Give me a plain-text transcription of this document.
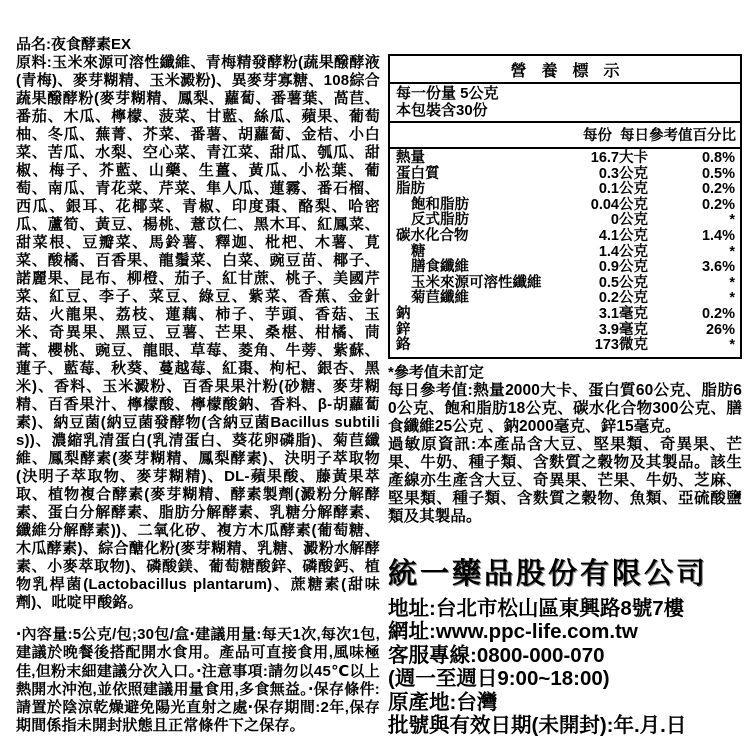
品名:夜食酵素EX
原料:玉米來源可溶性纖維、青梅精發酵粉(蔬果醱酵液(青梅)、麥芽糊精、玉米澱粉)、異麥芽寡糖、108綜合蔬果醱酵粉(麥芽糊精、鳳梨、蘿蔔、番薯葉、萵苣、番茄、木瓜、檸檬、菠菜、甘藍、絲瓜、蘋果、葡萄柚、冬瓜、蕪菁、芥菜、番薯、胡蘿蔔、金桔、小白菜、苦瓜、水梨、空心菜、青江菜、甜瓜、瓠瓜、甜椒、梅子、芥藍、山藥、生薑、黃瓜、小松葉、葡萄、南瓜、青花菜、芹菜、隼人瓜、蓮霧、番石榴、西瓜、銀耳、花椰菜、青椒、印度棗、酪梨、哈密瓜、蘆筍、黃豆、楊桃、薏苡仁、黑木耳、紅鳳菜、甜菜根、豆瓣菜、馬鈴薯、釋迦、枇杷、木薯、莧菜、酸橘、百香果、龍鬚菜、白菜、豌豆苗、椰子、諾麗果、昆布、柳橙、茄子、紅甘蔗、桃子、美國芹菜、紅豆、李子、菜豆、綠豆、紫菜、香蕉、金針菇、火龍果、荔枝、蓮藕、柿子、芋頭、香菇、玉米、奇異果、黑豆、豆薯、芒果、桑椹、柑橘、茼蒿、櫻桃、豌豆、龍眼、草莓、菱角、牛蒡、紫蘇、蓮子、藍莓、秋葵、蔓越莓、紅棗、枸杞、銀杏、黑米)、香料、玉米澱粉、百香果果汁粉(砂糖、麥芽糊精、百香果汁、檸檬酸、檸檬酸鈉、香料、β-胡蘿蔔素)、納豆菌(納豆菌發酵物(含納豆菌Bacillus subtilis))、濃縮乳清蛋白(乳清蛋白、葵花卵磷脂)、菊苣纖維、鳳梨酵素(麥芽糊精、鳳梨酵素)、決明子萃取物(決明子萃取物、麥芽糊精)、DL-蘋果酸、藤黃果萃取、植物複合酵素(麥芽糊精、酵素製劑(澱粉分解酵素、蛋白分解酵素、脂肪分解酵素、乳糖分解酵素、纖維分解酵素))、二氧化矽、複方木瓜酵素(葡萄糖、木瓜酵素)、綜合醣化粉(麥芽糊精、乳糖、澱粉水解酵素、小麥萃取物)、磷酸鎂、葡萄糖酸鋅、磷酸鈣、植物乳桿菌(Lactobacillus plantarum)、蔗糖素(甜味劑)、吡啶甲酸鉻。
‧內容量:5公克/包;30包/盒‧建議用量:每天1次,每次1包,建議於晚餐後搭配開水食用。產品可直接食用,風味極佳,但粉末細建議分次入口。‧注意事項:請勿以45℃以上熱開水沖泡,並依照建議用量食用,多食無益。‧保存條件:請置於陰涼乾燥避免陽光直射之處‧保存期間:2年,保存期間係指未開封狀態且正常條件下之保存。
營養標示
每一份量 5公克
本包裝含30份
每份 每日參考值百分比
熱量	16.7 大卡	0.8%
蛋白質	0.3 公克	0.5%
脂肪	0.1 公克	0.2%
飽和脂肪	0.04 公克	0.2%
反式脂肪	0 公克	*
碳水化合物	4.1 公克	1.4%
糖	1.4 公克	*
膳食纖維	0.9 公克	3.6%
玉米來源可溶性纖維	0.5 公克	*
菊苣纖維	0.2 公克	*
鈉	3.1 毫克	0.2%
鋅	3.9 毫克	26%
鉻	173 微克	*
*參考值未訂定
每日參考值:熱量2000大卡、蛋白質60公克、脂肪60公克、飽和脂肪18公克、碳水化合物300公克、膳食纖維25公克 、鈉2000毫克、鋅15毫克。
過敏原資訊:本產品含大豆、堅果類、奇異果、芒果、牛奶、種子類、含麩質之穀物及其製品。該生產線亦生產含大豆、奇異果、芒果、牛奶、芝麻、堅果類、種子類、含麩質之穀物、魚類、亞硫酸鹽類及其製品。
統一藥品股份有限公司
地址:台北市松山區東興路8號7樓
網址:www.ppc-life.com.tw
客服專線:0800-000-070
(週一至週日9:00~18:00)
原產地:台灣
批號與有效日期(未開封):年.月.日
